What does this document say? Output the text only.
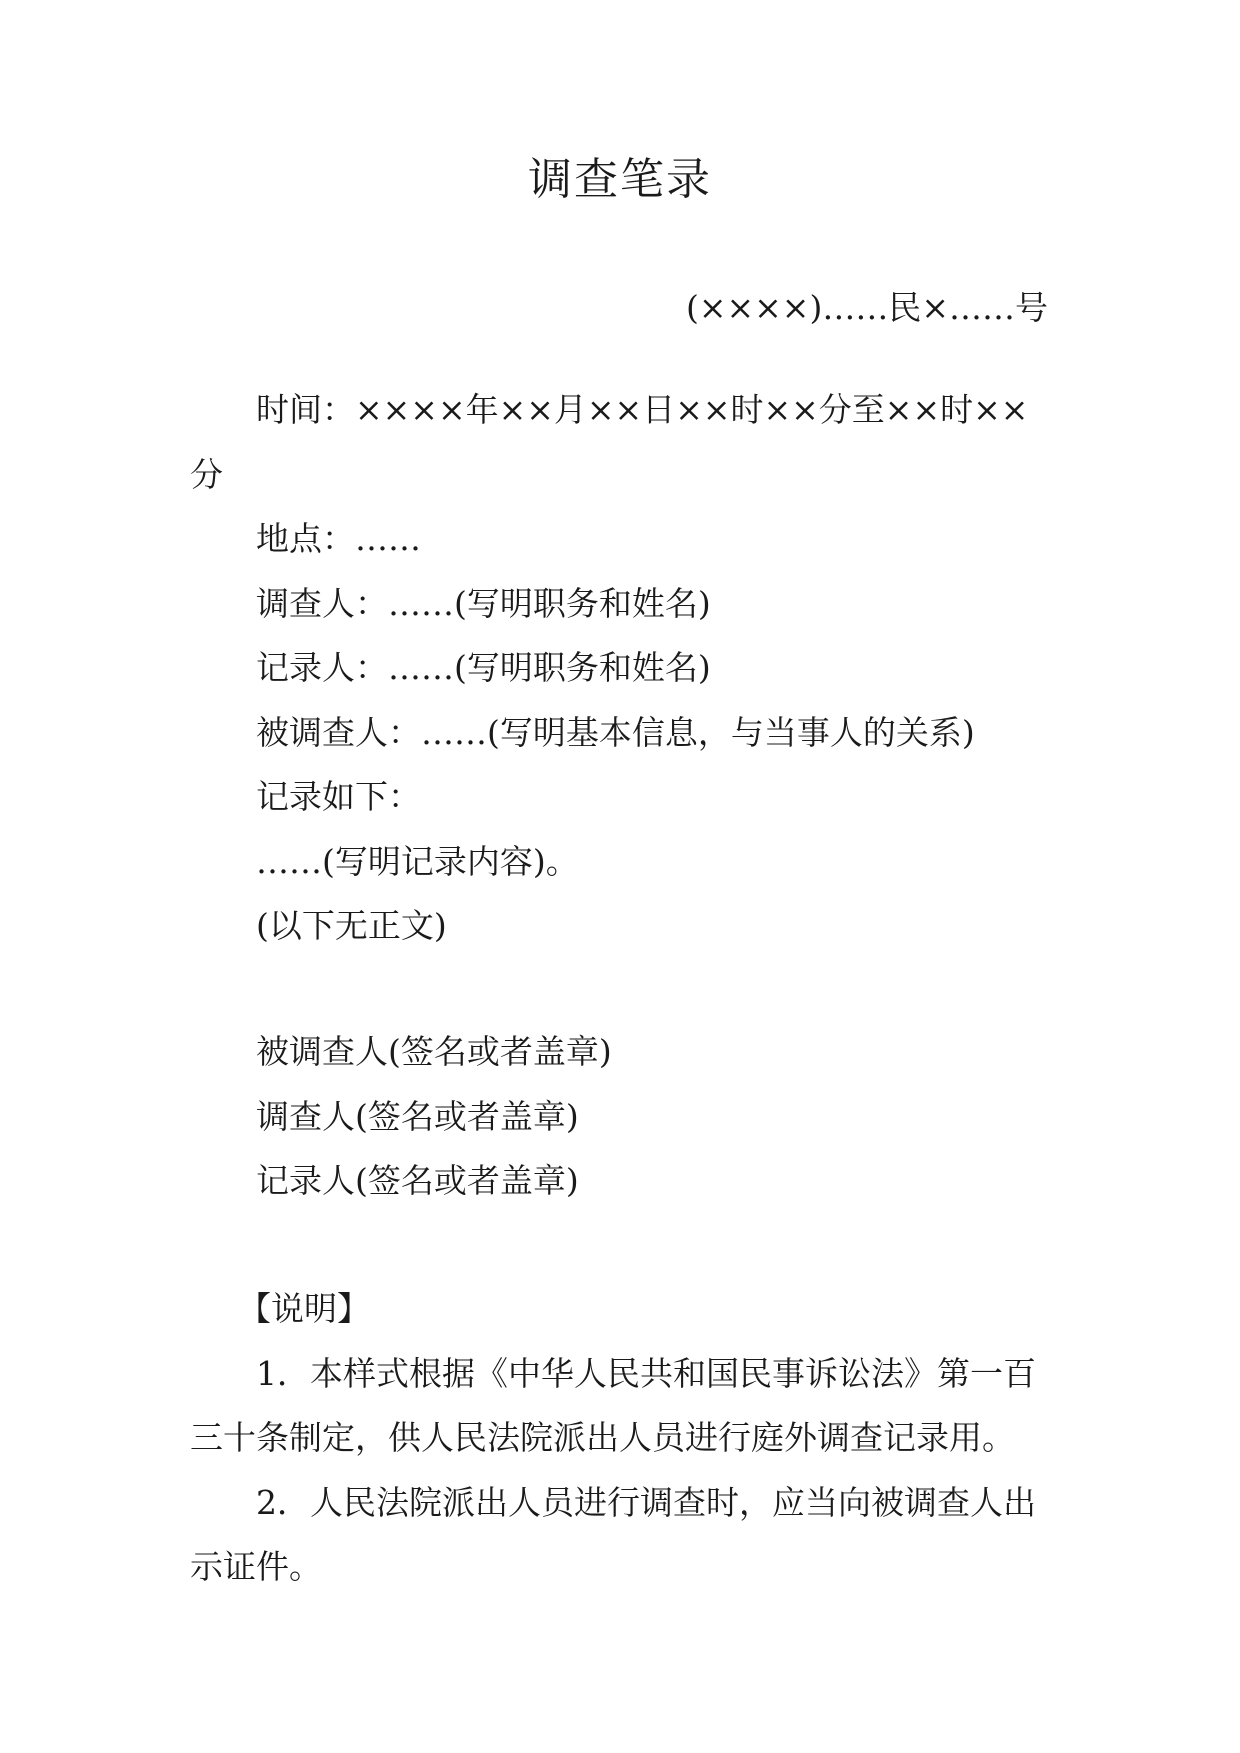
调查笔录
(××××)……民×……号

时间：××××年××月××日××时××分至××时××分

地点：……

调查人：……(写明职务和姓名)

记录人：……(写明职务和姓名)

被调查人：……(写明基本信息，与当事人的关系)

记录如下：

……(写明记录内容)。

(以下无正文)

被调查人(签名或者盖章)

调查人(签名或者盖章)

记录人(签名或者盖章)

【说明】

1．本样式根据《中华人民共和国民事诉讼法》第一百三十条制定，供人民法院派出人员进行庭外调查记录用。

2．人民法院派出人员进行调查时，应当向被调查人出示证件。
